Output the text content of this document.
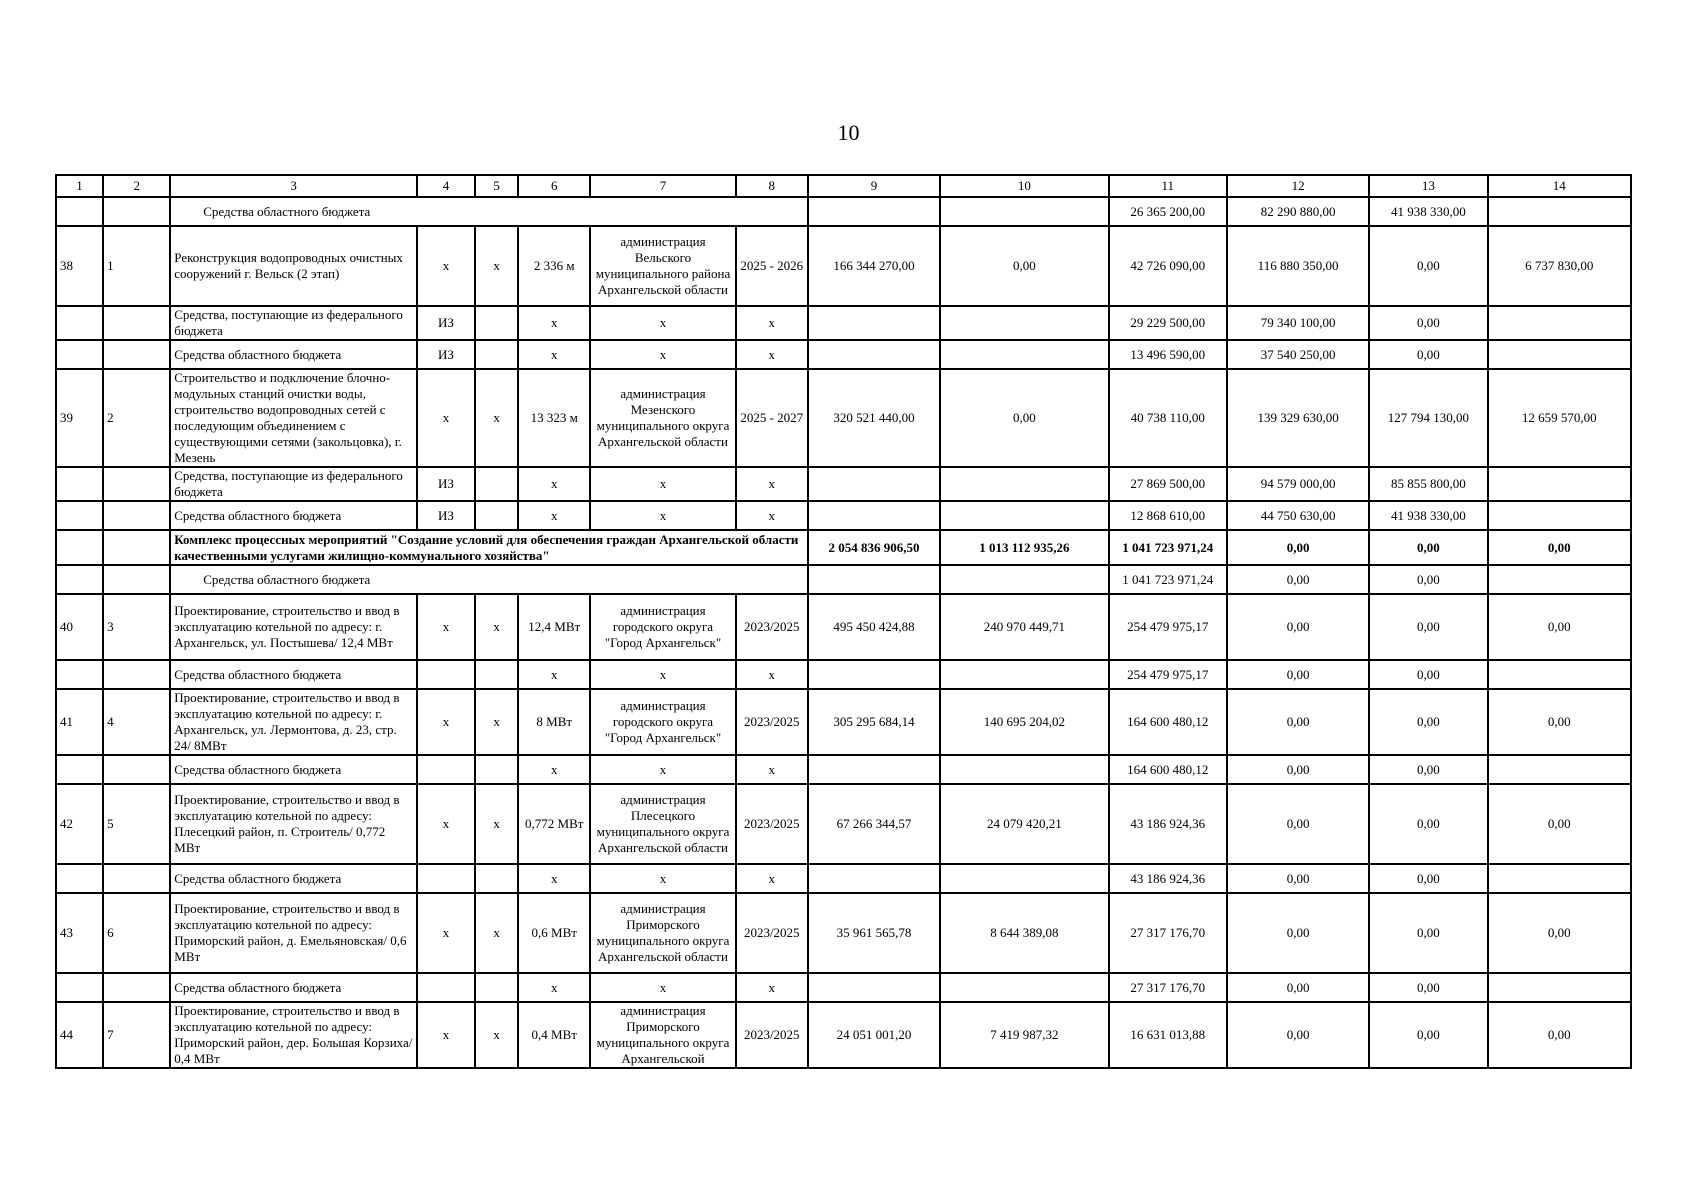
10
1	2	3	4	5	6	7	8	9	10	11	12	13	14
		Средства областного бюджета								26 365 200,00	82 290 880,00	41 938 330,00	
38	1	Реконструкция водопроводных очистных сооружений г. Вельск (2 этап)	х	х	2 336 м	администрация Вельского муниципального района Архангельской области	2025 - 2026	166 344 270,00	0,00	42 726 090,00	116 880 350,00	0,00	6 737 830,00
		Средства, поступающие из федерального бюджета	ИЗ		х	х	х			29 229 500,00	79 340 100,00	0,00	
		Средства областного бюджета	ИЗ		х	х	х			13 496 590,00	37 540 250,00	0,00	
39	2	Строительство и подключение блочно-модульных станций очистки воды, строительство водопроводных сетей с последующим объединением с существующими сетями (закольцовка), г. Мезень	х	х	13 323 м	администрация Мезенского муниципального округа Архангельской области	2025 - 2027	320 521 440,00	0,00	40 738 110,00	139 329 630,00	127 794 130,00	12 659 570,00
		Средства, поступающие из федерального бюджета	ИЗ		х	х	х			27 869 500,00	94 579 000,00	85 855 800,00	
		Средства областного бюджета	ИЗ		х	х	х			12 868 610,00	44 750 630,00	41 938 330,00	
		Комплекс процессных мероприятий "Создание условий для обеспечения граждан Архангельской области качественными услугами жилищно-коммунального хозяйства"						2 054 836 906,50	1 013 112 935,26	1 041 723 971,24	0,00	0,00	0,00
		Средства областного бюджета								1 041 723 971,24	0,00	0,00	
40	3	Проектирование, строительство и ввод в эксплуатацию котельной по адресу: г. Архангельск, ул. Постышева/ 12,4 МВт	х	х	12,4 МВт	администрация городского округа "Город Архангельск"	2023/2025	495 450 424,88	240 970 449,71	254 479 975,17	0,00	0,00	0,00
		Средства областного бюджета			х	х	х			254 479 975,17	0,00	0,00	
41	4	Проектирование, строительство и ввод в эксплуатацию котельной по адресу: г. Архангельск, ул. Лермонтова, д. 23, стр. 24/ 8МВт	х	х	8 МВт	администрация городского округа "Город Архангельск"	2023/2025	305 295 684,14	140 695 204,02	164 600 480,12	0,00	0,00	0,00
		Средства областного бюджета			х	х	х			164 600 480,12	0,00	0,00	
42	5	Проектирование, строительство и ввод в эксплуатацию котельной по адресу: Плесецкий район, п. Строитель/ 0,772 МВт	х	х	0,772 МВт	администрация Плесецкого муниципального округа Архангельской области	2023/2025	67 266 344,57	24 079 420,21	43 186 924,36	0,00	0,00	0,00
		Средства областного бюджета			х	х	х			43 186 924,36	0,00	0,00	
43	6	Проектирование, строительство и ввод в эксплуатацию котельной по адресу: Приморский район, д. Емельяновская/ 0,6 МВт	х	х	0,6 МВт	администрация Приморского муниципального округа Архангельской области	2023/2025	35 961 565,78	8 644 389,08	27 317 176,70	0,00	0,00	0,00
		Средства областного бюджета			х	х	х			27 317 176,70	0,00	0,00	
44	7	Проектирование, строительство и ввод в эксплуатацию котельной по адресу: Приморский район, дер. Большая Корзиха/ 0,4 МВт	х	х	0,4 МВт	администрация Приморского муниципального округа Архангельской	2023/2025	24 051 001,20	7 419 987,32	16 631 013,88	0,00	0,00	0,00
